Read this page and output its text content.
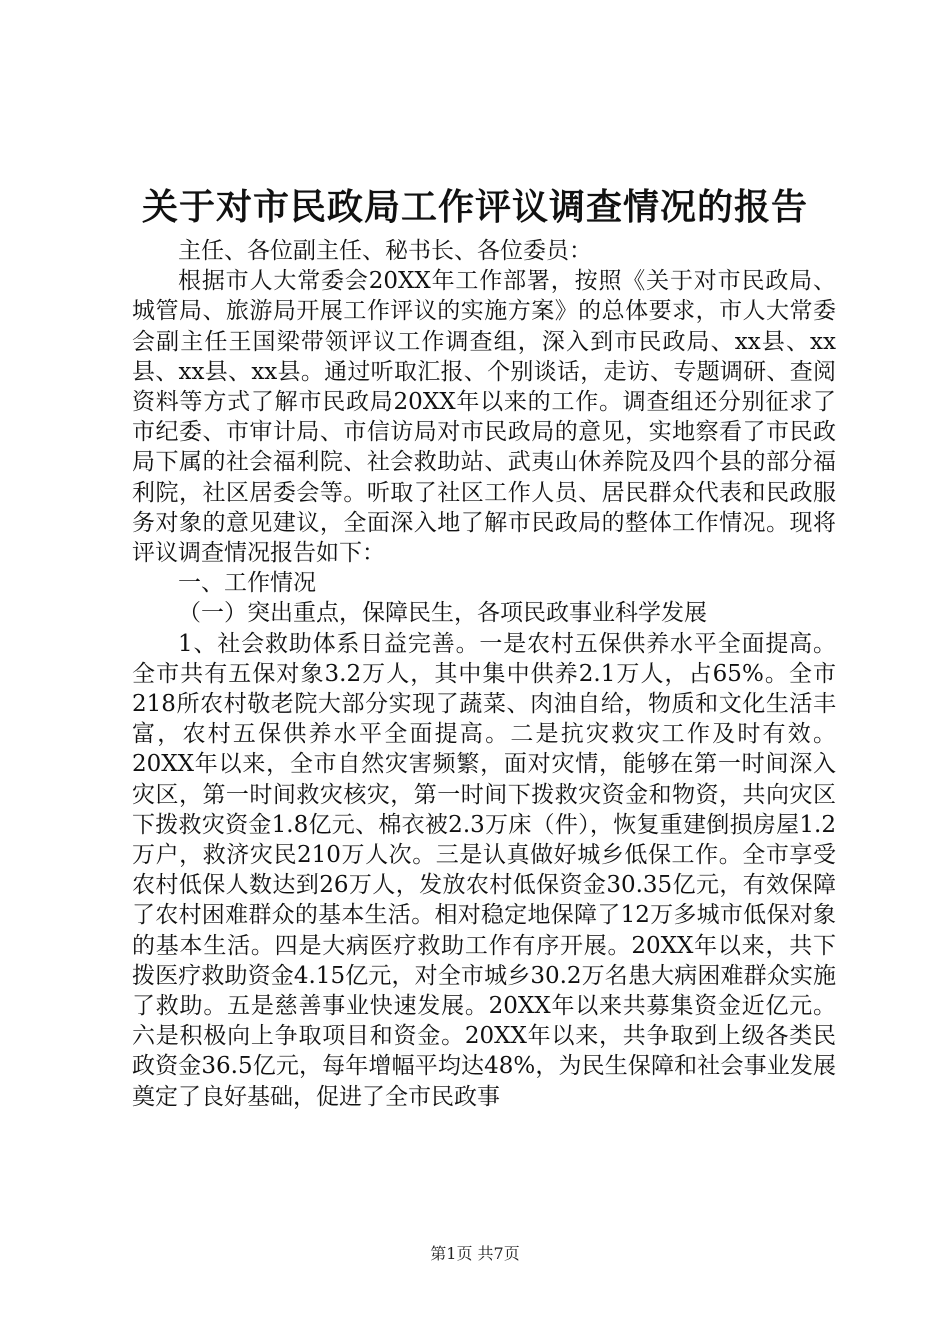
关于对市民政局工作评议调查情况的报告

主任、各位副主任、秘书长、各位委员：

根据市人大常委会20XX年工作部署，按照《关于对市民政局、城管局、旅游局开展工作评议的实施方案》的总体要求，市人大常委会副主任王国梁带领评议工作调查组，深入到市民政局、xx县、xx县、xx县、xx县。通过听取汇报、个别谈话，走访、专题调研、查阅资料等方式了解市民政局20XX年以来的工作。调查组还分别征求了市纪委、市审计局、市信访局对市民政局的意见，实地察看了市民政局下属的社会福利院、社会救助站、武夷山休养院及四个县的部分福利院，社区居委会等。听取了社区工作人员、居民群众代表和民政服务对象的意见建议，全面深入地了解市民政局的整体工作情况。现将评议调查情况报告如下：

一、工作情况

（一）突出重点，保障民生，各项民政事业科学发展

1、社会救助体系日益完善。一是农村五保供养水平全面提高。全市共有五保对象3.2万人，其中集中供养2.1万人，占65%。全市218所农村敬老院大部分实现了蔬菜、肉油自给，物质和文化生活丰富，农村五保供养水平全面提高。二是抗灾救灾工作及时有效。20XX年以来，全市自然灾害频繁，面对灾情，能够在第一时间深入灾区，第一时间救灾核灾，第一时间下拨救灾资金和物资，共向灾区下拨救灾资金1.8亿元、棉衣被2.3万床（件），恢复重建倒损房屋1.2万户，救济灾民210万人次。三是认真做好城乡低保工作。全市享受农村低保人数达到26万人，发放农村低保资金30.35亿元，有效保障了农村困难群众的基本生活。相对稳定地保障了12万多城市低保对象的基本生活。四是大病医疗救助工作有序开展。20XX年以来，共下拨医疗救助资金4.15亿元，对全市城乡30.2万名患大病困难群众实施了救助。五是慈善事业快速发展。20XX年以来共募集资金近亿元。六是积极向上争取项目和资金。20XX年以来，共争取到上级各类民政资金36.5亿元，每年增幅平均达48%，为民生保障和社会事业发展奠定了良好基础，促进了全市民政事

第1页 共7页
